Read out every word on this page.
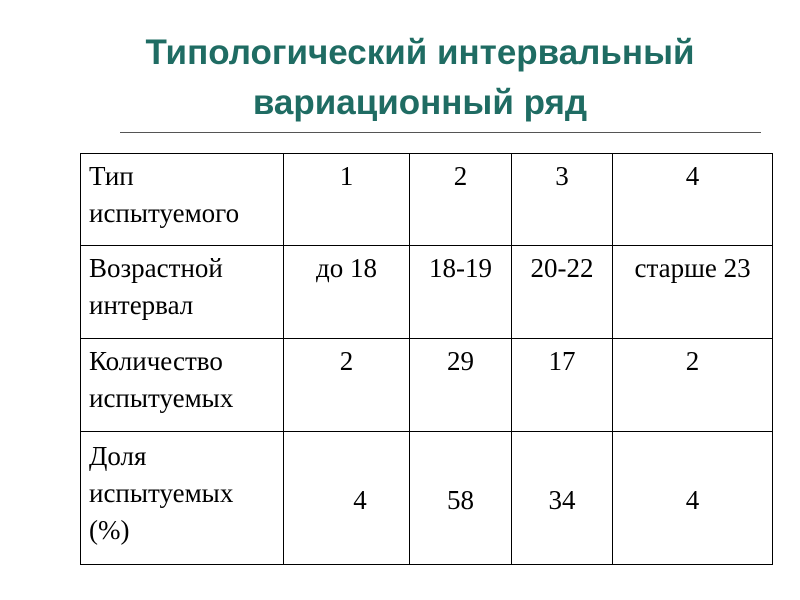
Типологический интервальный
вариационный ряд
Тип
испытуемого	1	2	3	4

Возрастной
интервал	до 18	18-19	20-22	старше 23

Количество
испытуемых	2	29	17	2

Доля
испытуемых
(%)	4	58	34	4
